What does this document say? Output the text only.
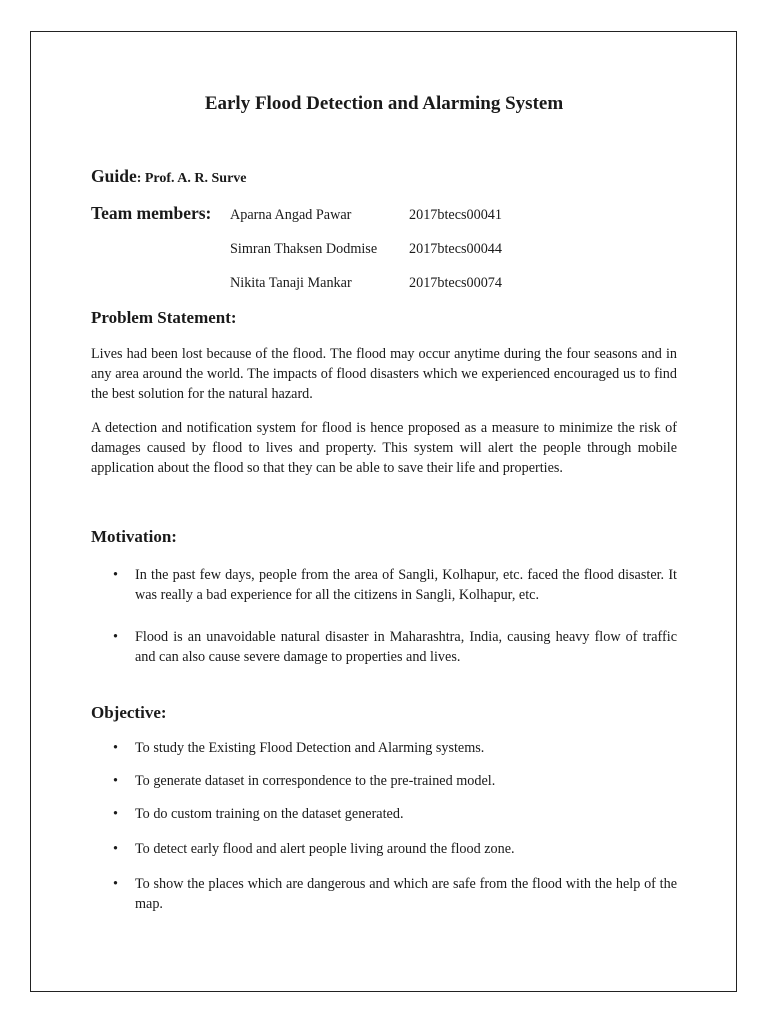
Early Flood Detection and Alarming System
Guide: Prof. A. R. Surve
Team members: Aparna Angad Pawar	2017btecs00041
Simran Thaksen Dodmise 2017btecs00044
Nikita Tanaji Mankar	2017btecs00074
Problem Statement:
Lives had been lost because of the flood. The flood may occur anytime during the four seasons and in any area around the world. The impacts of flood disasters which we experienced encouraged us to find the best solution for the natural hazard.
A detection and notification system for flood is hence proposed as a measure to minimize the risk of damages caused by flood to lives and property. This system will alert the people through mobile application about the flood so that they can be able to save their life and properties.
Motivation:
• In the past few days, people from the area of Sangli, Kolhapur, etc. faced the flood disaster. It was really a bad experience for all the citizens in Sangli, Kolhapur, etc.
• Flood is an unavoidable natural disaster in Maharashtra, India, causing heavy flow of traffic and can also cause severe damage to properties and lives.
Objective:
• To study the Existing Flood Detection and Alarming systems.
• To generate dataset in correspondence to the pre-trained model.
• To do custom training on the dataset generated.
• To detect early flood and alert people living around the flood zone.
• To show the places which are dangerous and which are safe from the flood with the help of the map.
